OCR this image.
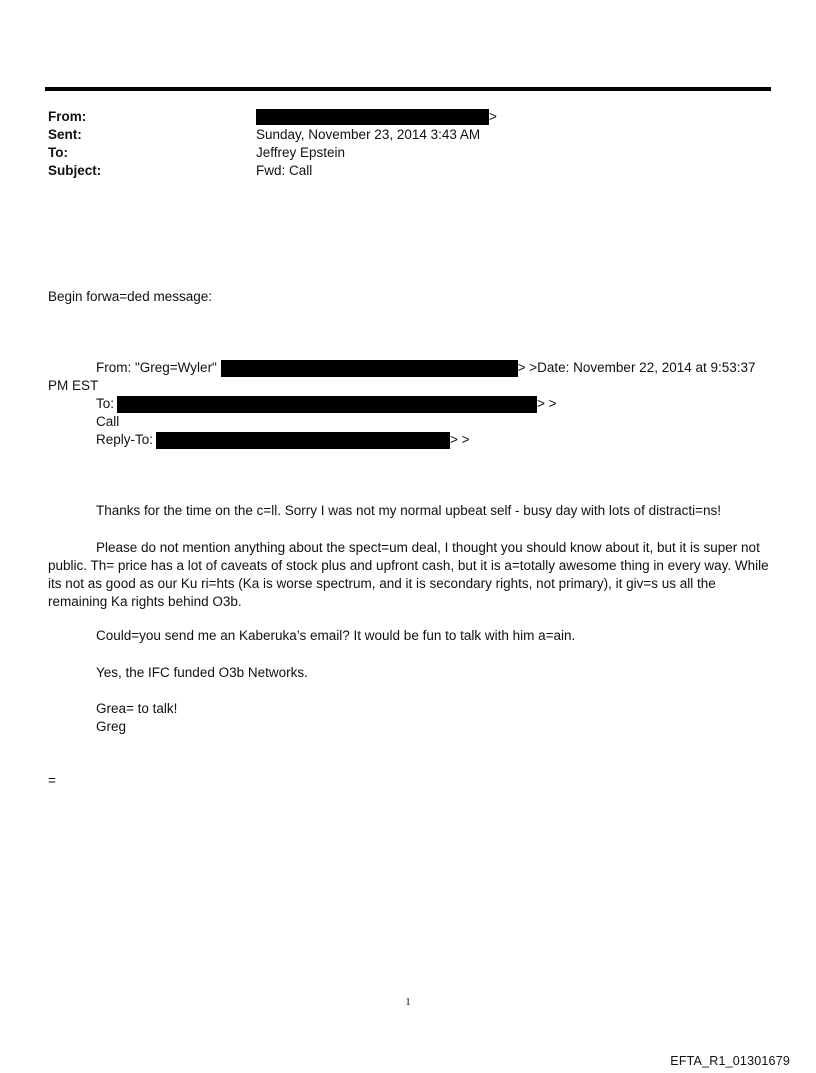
From:	>
Sent:	Sunday, November 23, 2014 3:43 AM
To:	Jeffrey Epstein
Subject:	Fwd: Call
Begin forwa=ded message:
From: "Greg=Wyler"	> >Date: November 22, 2014 at 9:53:37
PM EST
To:	> >
Call
Reply-To:	> >
Thanks for the time on the c=ll. Sorry I was not my normal upbeat self - busy day with lots of distracti=ns!
Please do not mention anything about the spect=um deal, I thought you should know about it, but it is super not public. Th= price has a lot of caveats of stock plus and upfront cash, but it is a=totally awesome thing in every way. While its not as good as our Ku ri=hts (Ka is worse spectrum, and it is secondary rights, not primary), it giv=s us all the remaining Ka rights behind O3b.
Could=you send me an Kaberuka’s email? It would be fun to talk with him a=ain.
Yes, the IFC funded O3b Networks.
Grea= to talk!
Greg
=
1
EFTA_R1_01301679
